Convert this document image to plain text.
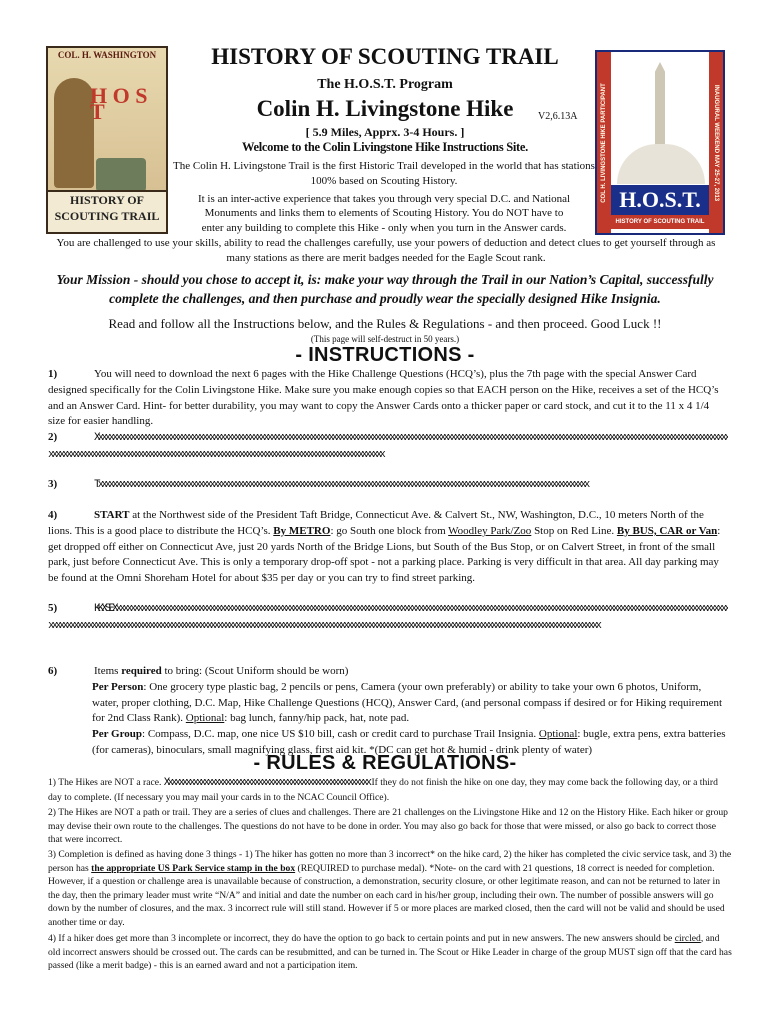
COL. H. WASHINGTON
H O S T
HISTORY OF
SCOUTING TRAIL
COL H. LIVINGSTONE HIKE PARTICIPANT	INAUGURAL WEEKEND MAY 25-27, 2013
H.O.S.T.
HISTORY OF SCOUTING TRAIL
HISTORY OF SCOUTING TRAIL
The H.O.S.T. Program
Colin H. Livingstone Hike	V2,6.13A
[ 5.9 Miles, Apprx. 3-4 Hours. ]
Welcome to the Colin Livingstone Hike Instructions Site.
The Colin H. Livingstone Trail is the first Historic Trail developed in the world that has stations 100% based on Scouting History.
It is an inter-active experience that takes you through very special D.C. and National
Monuments and links them to elements of Scouting History. You do NOT have to
enter any building to complete this Hike - only when you turn in the Answer cards.
You are challenged to use your skills, ability to read the challenges carefully, use your powers of deduction and detect clues to get yourself through as many stations as there are merit badges needed for the Eagle Scout rank.
Your Mission - should you chose to accept it, is: make your way through the Trail in our Nation’s Capital, successfully complete the challenges, and then purchase and proudly wear the specially designed Hike Insignia.
Read and follow all the Instructions below, and the Rules & Regulations - and then proceed. Good Luck !!
(This page will self-destruct in 50 years.)
- INSTRUCTIONS -
1)	You will need to download the next 6 pages with the Hike Challenge Questions (HCQ’s), plus the 7th page with the special Answer Card designed specifically for the Colin Livingstone Hike. Make sure you make enough copies so that EACH person on the Hike, receives a set of the HCQ’s and an Answer Card. Hint- for better durability, you may want to copy the Answer Cards onto a thicker paper or card stock, and cut it to the 11 x 4 1/4 size for easier handling.
2)	Xxxxxxxxxxxxxxxxxxxxxxxxxxxxxxxxxxxxxxxxxxxxxxxxxxxxxxxxxxxxxxxxxxxxxxxxxxxxxxxxxxxxxxxxxxxxxxxxxxxxxxxxxxxxxxxxxxxxxxxxxxxxxxxxxxxxxxxxxxxxxxxxxxxxxxxxxxxxxxxxxxxxxxxxxxxxxxxxxxxxxxxxxxxxxxxxxxxxxxxxxxxxxxxxxxxxxxxxxxxxxxxxxxxxxxxxxxxxxxxxxxxxxxxxxxxxxxxxxxxxxxxxxxxxx
3)	Txxxxxxxxxxxxxxxxxxxxxxxxxxxxxxxxxxxxxxxxxxxxxxxxxxxxxxxxxxxxxxxxxxxxxxxxxxxxxxxxxxxxxxxxxxxxxxxxxxxxxxxxxxxxxxxxxxxxxxxxxxxxxxxxxxxxxxxx
4)	START at the Northwest side of the President Taft Bridge, Connecticut Ave. & Calvert St., NW, Washington, D.C., 10 meters North of the lions. This is a good place to distribute the HCQ’s. By METRO: go South one block from Woodley Park/Zoo Stop on Red Line. By BUS, CAR or Van: get dropped off either on Connecticut Ave, just 20 yards North of the Bridge Lions, but South of the Bus Stop, or on Calvert Street, in front of the small park, just before Connecticut Ave. This is only a temporary drop-off spot - not a parking place. Parking is very difficult in that area. All day parking may be found at the Omni Shoreham Hotel for about $35 per day or you can try to find street parking.
5)	KKXSEXxxxxxxxxxxxxxxxxxxxxxxxxxxxxxxxxxxxxxxxxxxxxxxxxxxxxxxxxxxxxxxxxxxxxxxxxxxxxxxxxxxxxxxxxxxxxxxxxxxxxxxxxxxxxxxxxxxxxxxxxxxxxxxxxxxxxxxxxxxxxxxxxxxxxxxxxxxxxxxxxxxxxxxxxxxxxxxxxxxxxxxxxxxxxxxxxxxxxxxxxxxxxxxxxxxxxxxxxxxxxxxxxxxxxxxxxxxxxxxxxxxxxxxxxxxxxxxxxxxxxxxxxxxxxxxxxxxxxxxxxxxxxxxxxxxxxxxxxxxxxxxxxxxxxxxxxxxxxxxxxxxx
6)	Items required to bring: (Scout Uniform should be worn)
Per Person: One grocery type plastic bag, 2 pencils or pens, Camera (your own preferably) or ability to take your own 6 photos, Uniform, water, proper clothing, D.C. Map, Hike Challenge Questions (HCQ), Answer Card, (and personal compass if desired or for Hiking requirement for 2nd Class Rank). Optional: bag lunch, fanny/hip pack, hat, note pad.
Per Group: Compass, D.C. map, one nice US $10 bill, cash or credit card to purchase Trail Insignia. Optional: bugle, extra pens, extra batteries (for cameras), binoculars, small magnifying glass, first aid kit. *(DC can get hot & humid - drink plenty of water)
- RULES & REGULATIONS-
1) The Hikes are NOT a race. Xxxxxxxxxxxxxxxxxxxxxxxxxxxxxxxxxxxxxxxxxxxxxxxxxxxxxxxxx If they do not finish the hike on one day, they may come back the following day, or a third day to complete. (If necessary you may mail your cards in to the NCAC Council Office).
2) The Hikes are NOT a path or trail. They are a series of clues and challenges. There are 21 challenges on the Livingstone Hike and 12 on the History Hike. Each hiker or group may devise their own route to the challenges. The questions do not have to be done in order. You may also go back for those that were missed, or also go back to correct those that were incorrect.
3) Completion is defined as having done 3 things - 1) The hiker has gotten no more than 3 incorrect* on the hike card, 2) the hiker has completed the civic service task, and 3) the person has the appropriate US Park Service stamp in the box (REQUIRED to purchase medal). *Note- on the card with 21 questions, 18 correct is needed for completion. However, if a question or challenge area is unavailable because of construction, a demonstration, security closure, or other legitimate reason, and can not be returned to later in the day, then the primary leader must write “N/A” and initial and date the number on each card in his/her group, including their own. The number of possible answers will go down by the number of closures, and the max. 3 incorrect rule will still stand. However if 5 or more places are marked closed, then the card will not be valid and should be used another time or day.
4) If a hiker does get more than 3 incomplete or incorrect, they do have the option to go back to certain points and put in new answers. The new answers should be circled, and old incorrect answers should be crossed out. The cards can be resubmitted, and can be turned in. The Scout or Hike Leader in charge of the group MUST sign off that the card has passed (like a merit badge) - this is an earned award and not a participation item.
